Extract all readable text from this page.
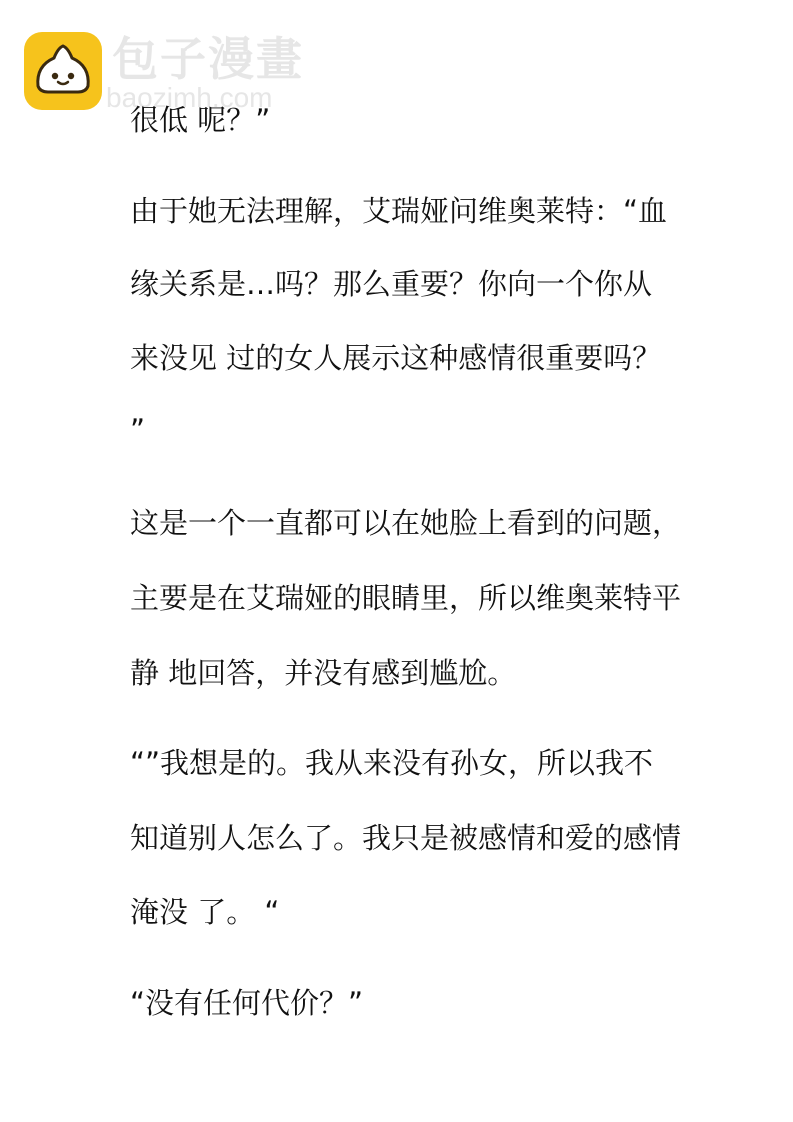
包子漫畫
baozimh.com
很低 呢？”
由于她无法理解，艾瑞娅问维奥莱特：“血
缘关系是…吗？那么重要？你向一个你从
来没见 过的女人展示这种感情很重要吗？
”
这是一个一直都可以在她脸上看到的问题，
主要是在艾瑞娅的眼睛里，所以维奥莱特平
静 地回答，并没有感到尴尬。
“”我想是的。我从来没有孙女，所以我不
知道别人怎么了。我只是被感情和爱的感情
淹没 了。 “
“没有任何代价？”
